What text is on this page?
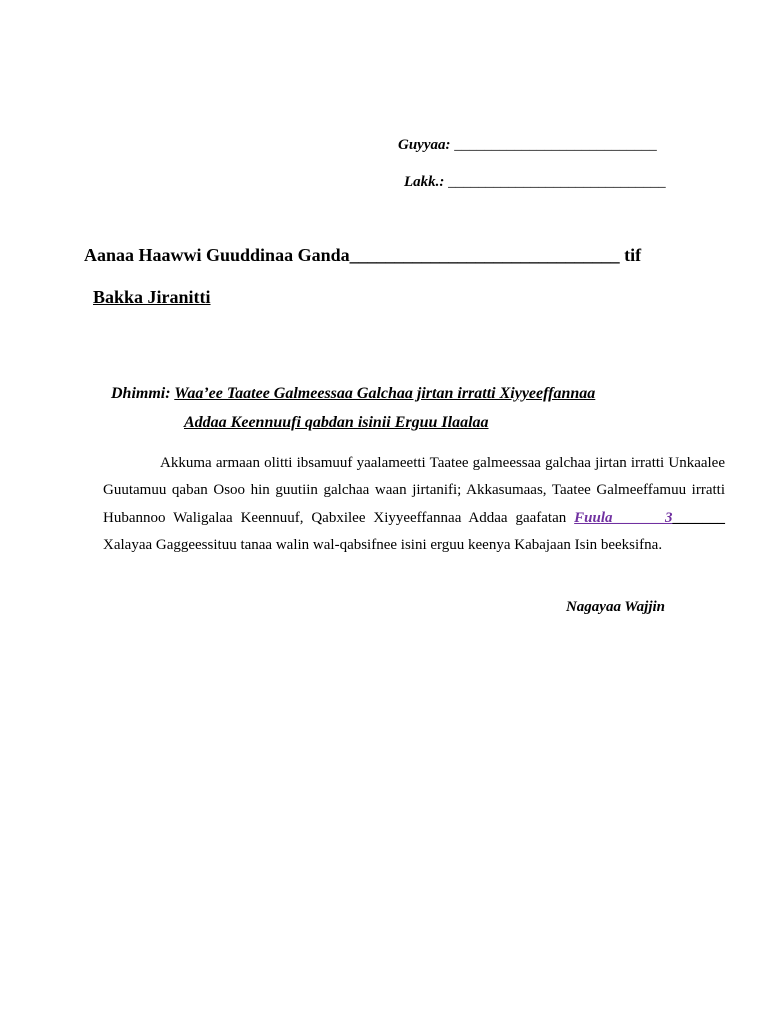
Guyyaa: ___________________________
Lakk.: _____________________________
Aanaa Haawwi Guuddinaa Ganda______________________________ tif
Bakka Jiranitti
Dhimmi: Waa’ee Taatee Galmeessaa Galchaa jirtan irratti Xiyyeeffannaa
Addaa Keennuufi qabdan isinii Erguu Ilaalaa
Akkuma armaan olitti ibsamuuf yaalameetti Taatee galmeessaa galchaa jirtan irratti Unkaalee Guutamuu qaban Osoo hin guutiin galchaa waan jirtanifi; Akkasumaas, Taatee Galmeeffamuu irratti Hubannoo Waligalaa Keennuuf, Qabxilee Xiyyeeffannaa Addaa gaafatan Fuula_______3_______ Xalayaa Gaggeessituu tanaa walin wal-qabsifnee isini erguu keenya Kabajaan Isin beeksifna.
Nagayaa Wajjin
